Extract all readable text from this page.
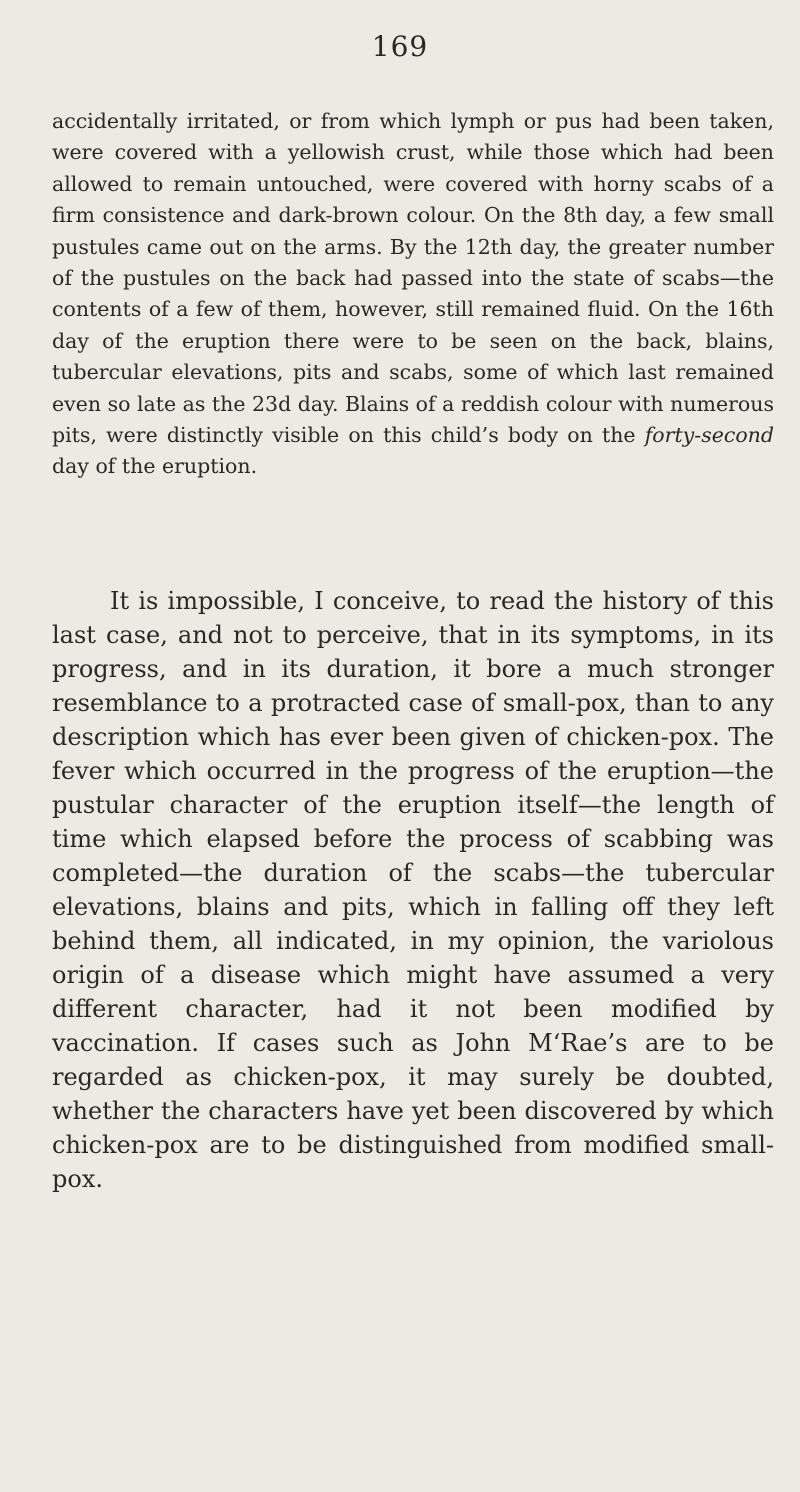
169

accidentally irritated, or from which lymph or pus had been taken, were covered with a yellowish crust, while those which had been allowed to remain untouched, were covered with horny scabs of a firm consistence and dark-brown colour. On the 8th day, a few small pustules came out on the arms. By the 12th day, the greater number of the pustules on the back had passed into the state of scabs—the contents of a few of them, however, still remained fluid. On the 16th day of the eruption there were to be seen on the back, blains, tubercular elevations, pits and scabs, some of which last remained even so late as the 23d day. Blains of a reddish colour with numerous pits, were distinctly visible on this child’s body on the forty-second day of the eruption.

It is impossible, I conceive, to read the history of this last case, and not to perceive, that in its symptoms, in its progress, and in its duration, it bore a much stronger resemblance to a protracted case of small-pox, than to any description which has ever been given of chicken-pox. The fever which occurred in the progress of the eruption—the pustular character of the eruption itself—the length of time which elapsed before the process of scabbing was completed—the duration of the scabs—the tubercular elevations, blains and pits, which in falling off they left behind them, all indicated, in my opinion, the variolous origin of a disease which might have assumed a very different character, had it not been modified by vaccination. If cases such as John M‘Rae’s are to be regarded as chicken-pox, it may surely be doubted, whether the characters have yet been discovered by which chicken-pox are to be distinguished from modified small-pox.
